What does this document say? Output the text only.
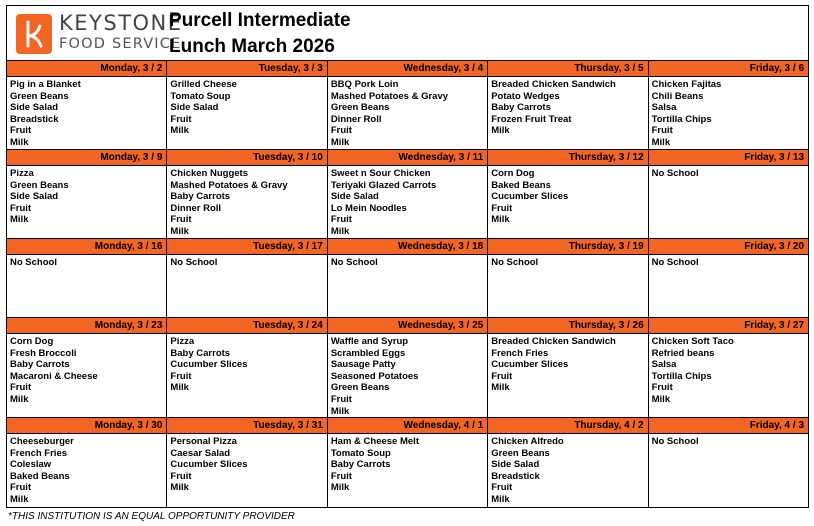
KEYSTONE
FOOD SERVICE
Purcell Intermediate
Lunch March 2026
Monday, 3 / 2
Pig in a Blanket
Green Beans
Side Salad
Breadstick
Fruit
Milk
Tuesday, 3 / 3
Grilled Cheese
Tomato Soup
Side Salad
Fruit
Milk
Wednesday, 3 / 4
BBQ Pork Loin
Mashed Potatoes & Gravy
Green Beans
Dinner Roll
Fruit
Milk
Thursday, 3 / 5
Breaded Chicken Sandwich
Potato Wedges
Baby Carrots
Frozen Fruit Treat
Milk
Friday, 3 / 6
Chicken Fajitas
Chili Beans
Salsa
Tortilla Chips
Fruit
Milk
Monday, 3 / 9
Pizza
Green Beans
Side Salad
Fruit
Milk
Tuesday, 3 / 10
Chicken Nuggets
Mashed Potatoes & Gravy
Baby Carrots
Dinner Roll
Fruit
Milk
Wednesday, 3 / 11
Sweet n Sour Chicken
Teriyaki Glazed Carrots
Side Salad
Lo Mein Noodles
Fruit
Milk
Thursday, 3 / 12
Corn Dog
Baked Beans
Cucumber Slices
Fruit
Milk
Friday, 3 / 13
No School
Monday, 3 / 16
No School
Tuesday, 3 / 17
No School
Wednesday, 3 / 18
No School
Thursday, 3 / 19
No School
Friday, 3 / 20
No School
Monday, 3 / 23
Corn Dog
Fresh Broccoli
Baby Carrots
Macaroni & Cheese
Fruit
Milk
Tuesday, 3 / 24
Pizza
Baby Carrots
Cucumber Slices
Fruit
Milk
Wednesday, 3 / 25
Waffle and Syrup
Scrambled Eggs
Sausage Patty
Seasoned Potatoes
Green Beans
Fruit
Milk
Thursday, 3 / 26
Breaded Chicken Sandwich
French Fries
Cucumber Slices
Fruit
Milk
Friday, 3 / 27
Chicken Soft Taco
Refried beans
Salsa
Tortilla Chips
Fruit
Milk
Monday, 3 / 30
Cheeseburger
French Fries
Coleslaw
Baked Beans
Fruit
Milk
Tuesday, 3 / 31
Personal Pizza
Caesar Salad
Cucumber Slices
Fruit
Milk
Wednesday, 4 / 1
Ham & Cheese Melt
Tomato Soup
Baby Carrots
Fruit
Milk
Thursday, 4 / 2
Chicken Alfredo
Green Beans
Side Salad
Breadstick
Fruit
Milk
Friday, 4 / 3
No School
*THIS INSTITUTION IS AN EQUAL OPPORTUNITY PROVIDER
